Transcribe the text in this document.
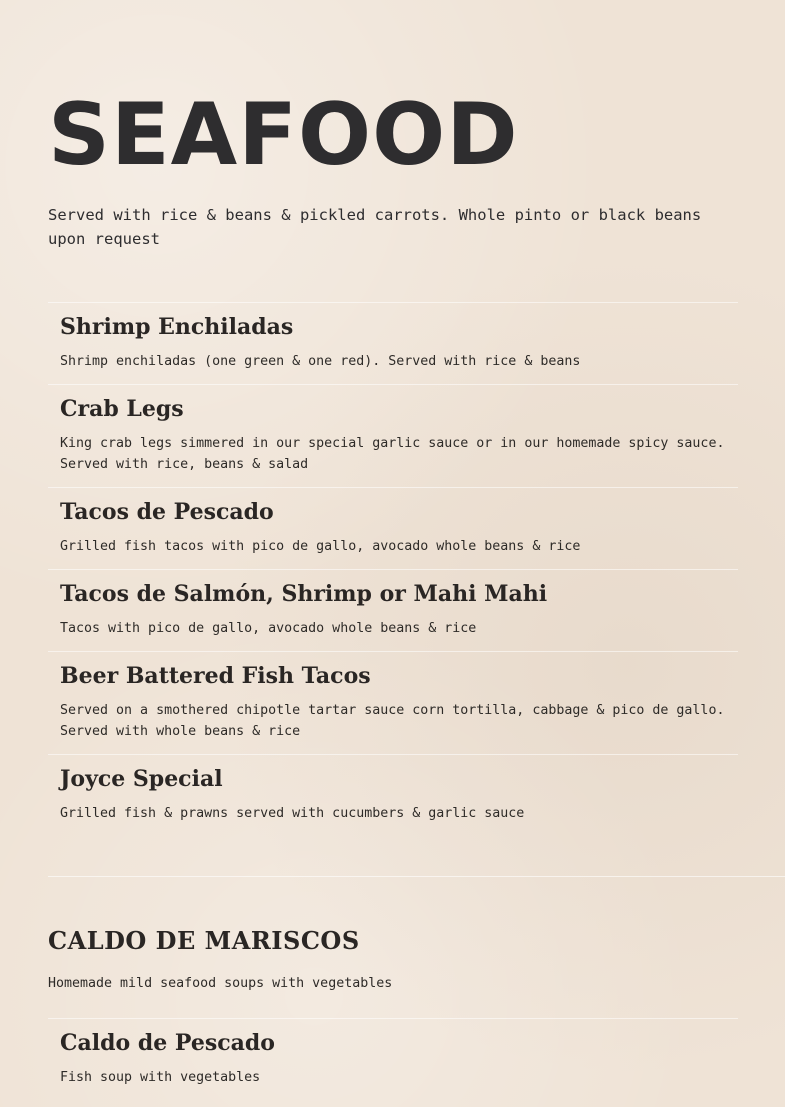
SEAFOOD

Served with rice & beans & pickled carrots. Whole pinto or black beans upon request

Shrimp Enchiladas

Shrimp enchiladas (one green & one red). Served with rice & beans

Crab Legs

King crab legs simmered in our special garlic sauce or in our homemade spicy sauce. Served with rice, beans & salad

Tacos de Pescado

Grilled fish tacos with pico de gallo, avocado whole beans & rice

Tacos de Salmón, Shrimp or Mahi Mahi

Tacos with pico de gallo, avocado whole beans & rice

Beer Battered Fish Tacos

Served on a smothered chipotle tartar sauce corn tortilla, cabbage & pico de gallo. Served with whole beans & rice

Joyce Special

Grilled fish & prawns served with cucumbers & garlic sauce

CALDO DE MARISCOS

Homemade mild seafood soups with vegetables

Caldo de Pescado

Fish soup with vegetables
